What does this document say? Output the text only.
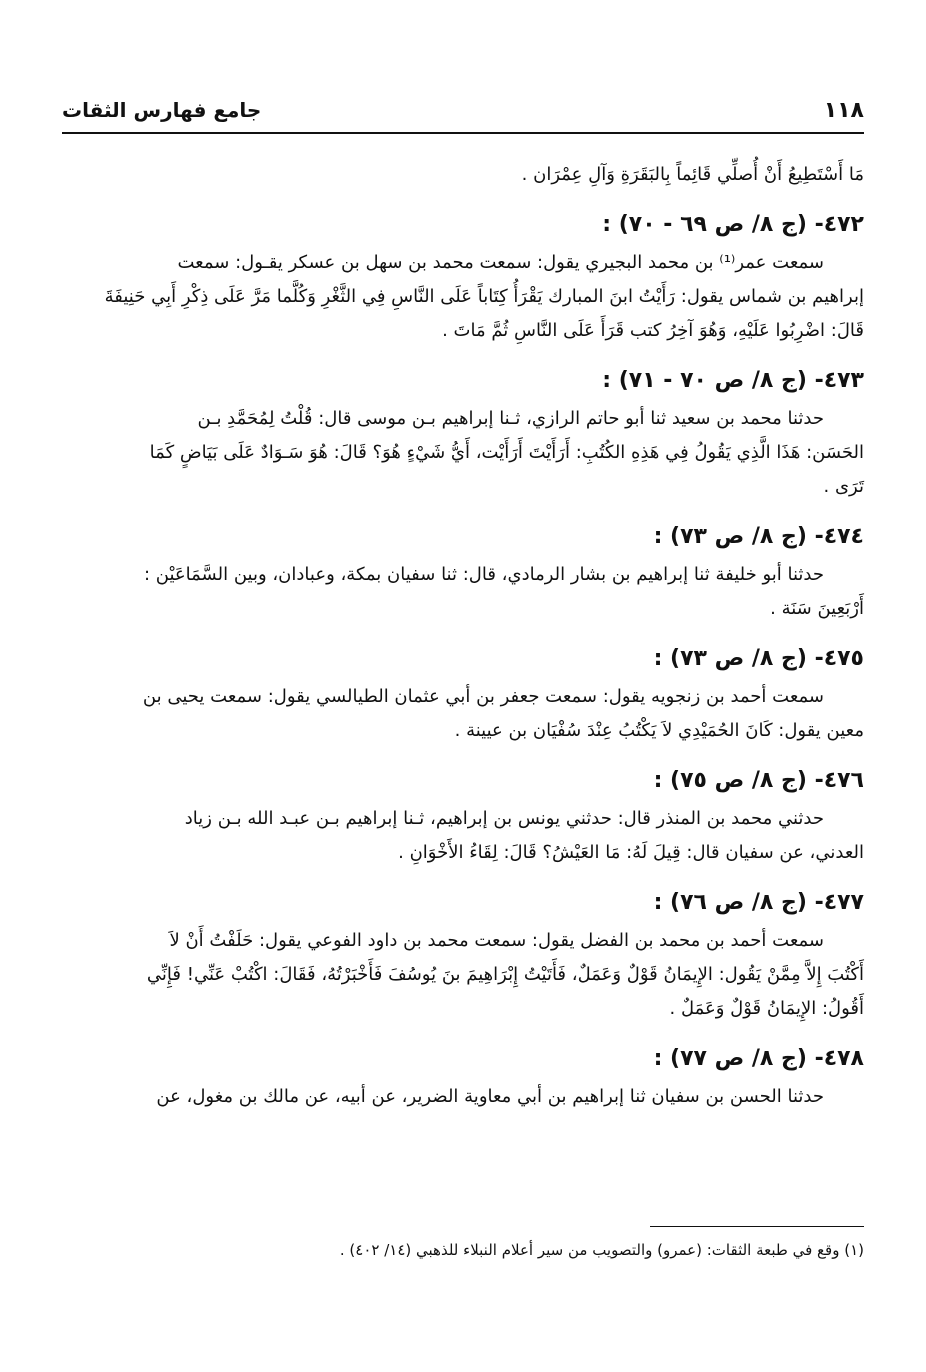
١١٨
جامع فهارس الثقات

مَا أَسْتَطِيعُ أَنْ أُصلِّي قَائِماً بِالبَقَرَةِ وَآلِ عِمْرَان .

٤٧٢- (ج ٨/ ص ٦٩ - ٧٠) :

سمعت عمر⁽¹⁾ بن محمد البجيري يقول: سمعت محمد بن سهل بن عسكر يقـول: سمعت

إبراهيم بن شماس يقول: رَأَيْتُ ابنَ المبارك يَقْرَأُ كِتَاباً عَلَى النَّاسِ فِي الثَّغْرِ وَكُلَّما مَرَّ عَلَى ذِكْرِ أَبِي حَنِيفَةَ

قَالَ: اضْرِبُوا عَلَيْهِ، وَهُوَ آخِرُ كتب قَرَأَ عَلَى النَّاسِ ثُمَّ مَاتَ .

٤٧٣- (ج ٨/ ص ٧٠ - ٧١) :

حدثنا محمد بن سعيد ثنا أبو حاتم الرازي، ثـنا إبراهيم بـن موسى قال: قُلْتُ لِمُحَمَّدِ بـن

الحَسَن: هَذَا الَّذِي يَقُولُ فِي هَذِهِ الكُتُبِ: أَرَأَيْتَ أَرَأَيْت، أَيُّ شَيْءٍ هُوَ؟ قَالَ: هُوَ سَـوَادٌ عَلَى بَيَاضٍ كَمَا

تَرَى .

٤٧٤- (ج ٨/ ص ٧٣) :

حدثنا أبو خليفة ثنا إبراهيم بن بشار الرمادي، قال: ثنا سفيان بمكة، وعبادان، وبين السَّمَاعَيْن :

أَرْبَعِينَ سَنَة .

٤٧٥- (ج ٨/ ص ٧٣) :

سمعت أحمد بن زنجويه يقول: سمعت جعفر بن أبي عثمان الطيالسي يقول: سمعت يحيى بن

معين يقول: كَانَ الحُمَيْدِي لاَ يَكْتُبُ عِنْدَ سُفْيَان بن عيينة .

٤٧٦- (ج ٨/ ص ٧٥) :

حدثني محمد بن المنذر قال: حدثني يونس بن إبراهيم، ثـنا إبراهيم بـن عبـد الله بـن زياد

العدني، عن سفيان قال: قِيلَ لَهُ: مَا العَيْشُ؟ قَالَ: لِقَاءُ الأَخْوَانِ .

٤٧٧- (ج ٨/ ص ٧٦) :

سمعت أحمد بن محمد بن الفضل يقول: سمعت محمد بن داود الفوعي يقول: حَلَفْتُ أَنْ لاَ

أَكْتُبَ إِلاَّ مِمَّنْ يَقُول: الإِيمَانُ قَوْلٌ وَعَمَلٌ، فَأَتَيْتُ إِبْرَاهِيمَ بنَ يُوسُفَ فَأَخْبَرْتُهُ، فَقَالَ: اكْتُبْ عَنِّي! فَإِنِّي

أَقُولُ: الإِيمَانُ قَوْلٌ وَعَمَلٌ .

٤٧٨- (ج ٨/ ص ٧٧) :

حدثنا الحسن بن سفيان ثنا إبراهيم بن أبي معاوية الضرير، عن أبيه، عن مالك بن مغول، عن

(١) وقع في طبعة الثقات: (عمرو) والتصويب من سير أعلام النبلاء للذهبي (١٤/ ٤٠٢) .
